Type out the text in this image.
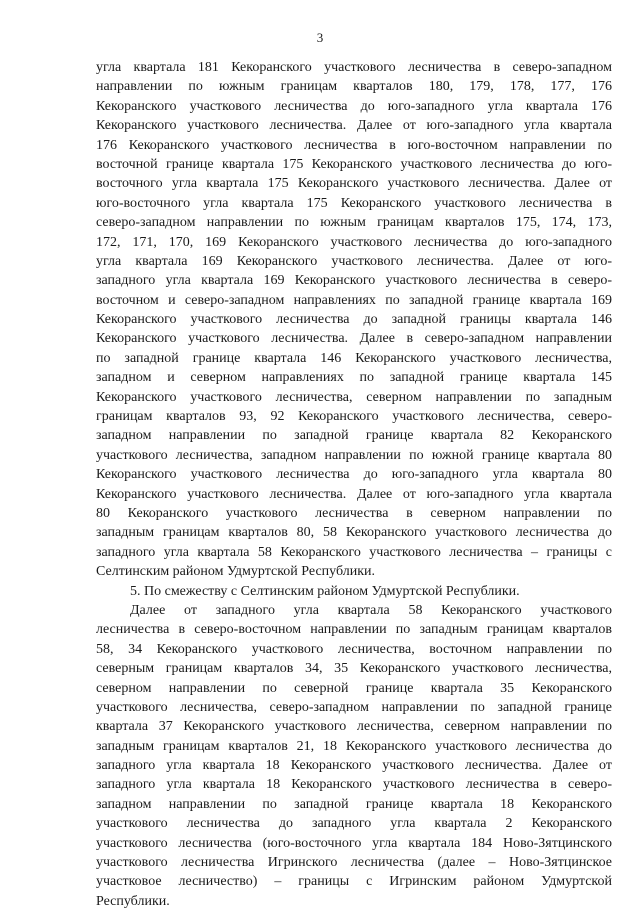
3
угла квартала 181 Кекоранского участкового лесничества в северо-западном
направлении по южным границам кварталов 180, 179, 178, 177, 176
Кекоранского участкового лесничества до юго-западного угла квартала 176
Кекоранского участкового лесничества. Далее от юго-западного угла квартала
176 Кекоранского участкового лесничества в юго-восточном направлении по
восточной границе квартала 175 Кекоранского участкового лесничества до юго-
восточного угла квартала 175 Кекоранского участкового лесничества. Далее от
юго-восточного угла квартала 175 Кекоранского участкового лесничества в
северо-западном направлении по южным границам кварталов 175, 174, 173,
172, 171, 170, 169 Кекоранского участкового лесничества до юго-западного
угла квартала 169 Кекоранского участкового лесничества. Далее от юго-
западного угла квартала 169 Кекоранского участкового лесничества в северо-
восточном и северо-западном направлениях по западной границе квартала 169
Кекоранского участкового лесничества до западной границы квартала 146
Кекоранского участкового лесничества. Далее в северо-западном направлении
по западной границе квартала 146 Кекоранского участкового лесничества,
западном и северном направлениях по западной границе квартала 145
Кекоранского участкового лесничества, северном направлении по западным
границам кварталов 93, 92 Кекоранского участкового лесничества, северо-
западном направлении по западной границе квартала 82 Кекоранского
участкового лесничества, западном направлении по южной границе квартала 80
Кекоранского участкового лесничества до юго-западного угла квартала 80
Кекоранского участкового лесничества. Далее от юго-западного угла квартала
80 Кекоранского участкового лесничества в северном направлении по
западным границам кварталов 80, 58 Кекоранского участкового лесничества до
западного угла квартала 58 Кекоранского участкового лесничества – границы с
Селтинским районом Удмуртской Республики.
5. По смежеству с Селтинским районом Удмуртской Республики.
Далее от западного угла квартала 58 Кекоранского участкового
лесничества в северо-восточном направлении по западным границам кварталов
58, 34 Кекоранского участкового лесничества, восточном направлении по
северным границам кварталов 34, 35 Кекоранского участкового лесничества,
северном направлении по северной границе квартала 35 Кекоранского
участкового лесничества, северо-западном направлении по западной границе
квартала 37 Кекоранского участкового лесничества, северном направлении по
западным границам кварталов 21, 18 Кекоранского участкового лесничества до
западного угла квартала 18 Кекоранского участкового лесничества. Далее от
западного угла квартала 18 Кекоранского участкового лесничества в северо-
западном направлении по западной границе квартала 18 Кекоранского
участкового лесничества до западного угла квартала 2 Кекоранского
участкового лесничества (юго-восточного угла квартала 184 Ново-Зятцинского
участкового лесничества Игринского лесничества (далее – Ново-Зятцинское
участковое лесничество) – границы с Игринским районом Удмуртской
Республики.
